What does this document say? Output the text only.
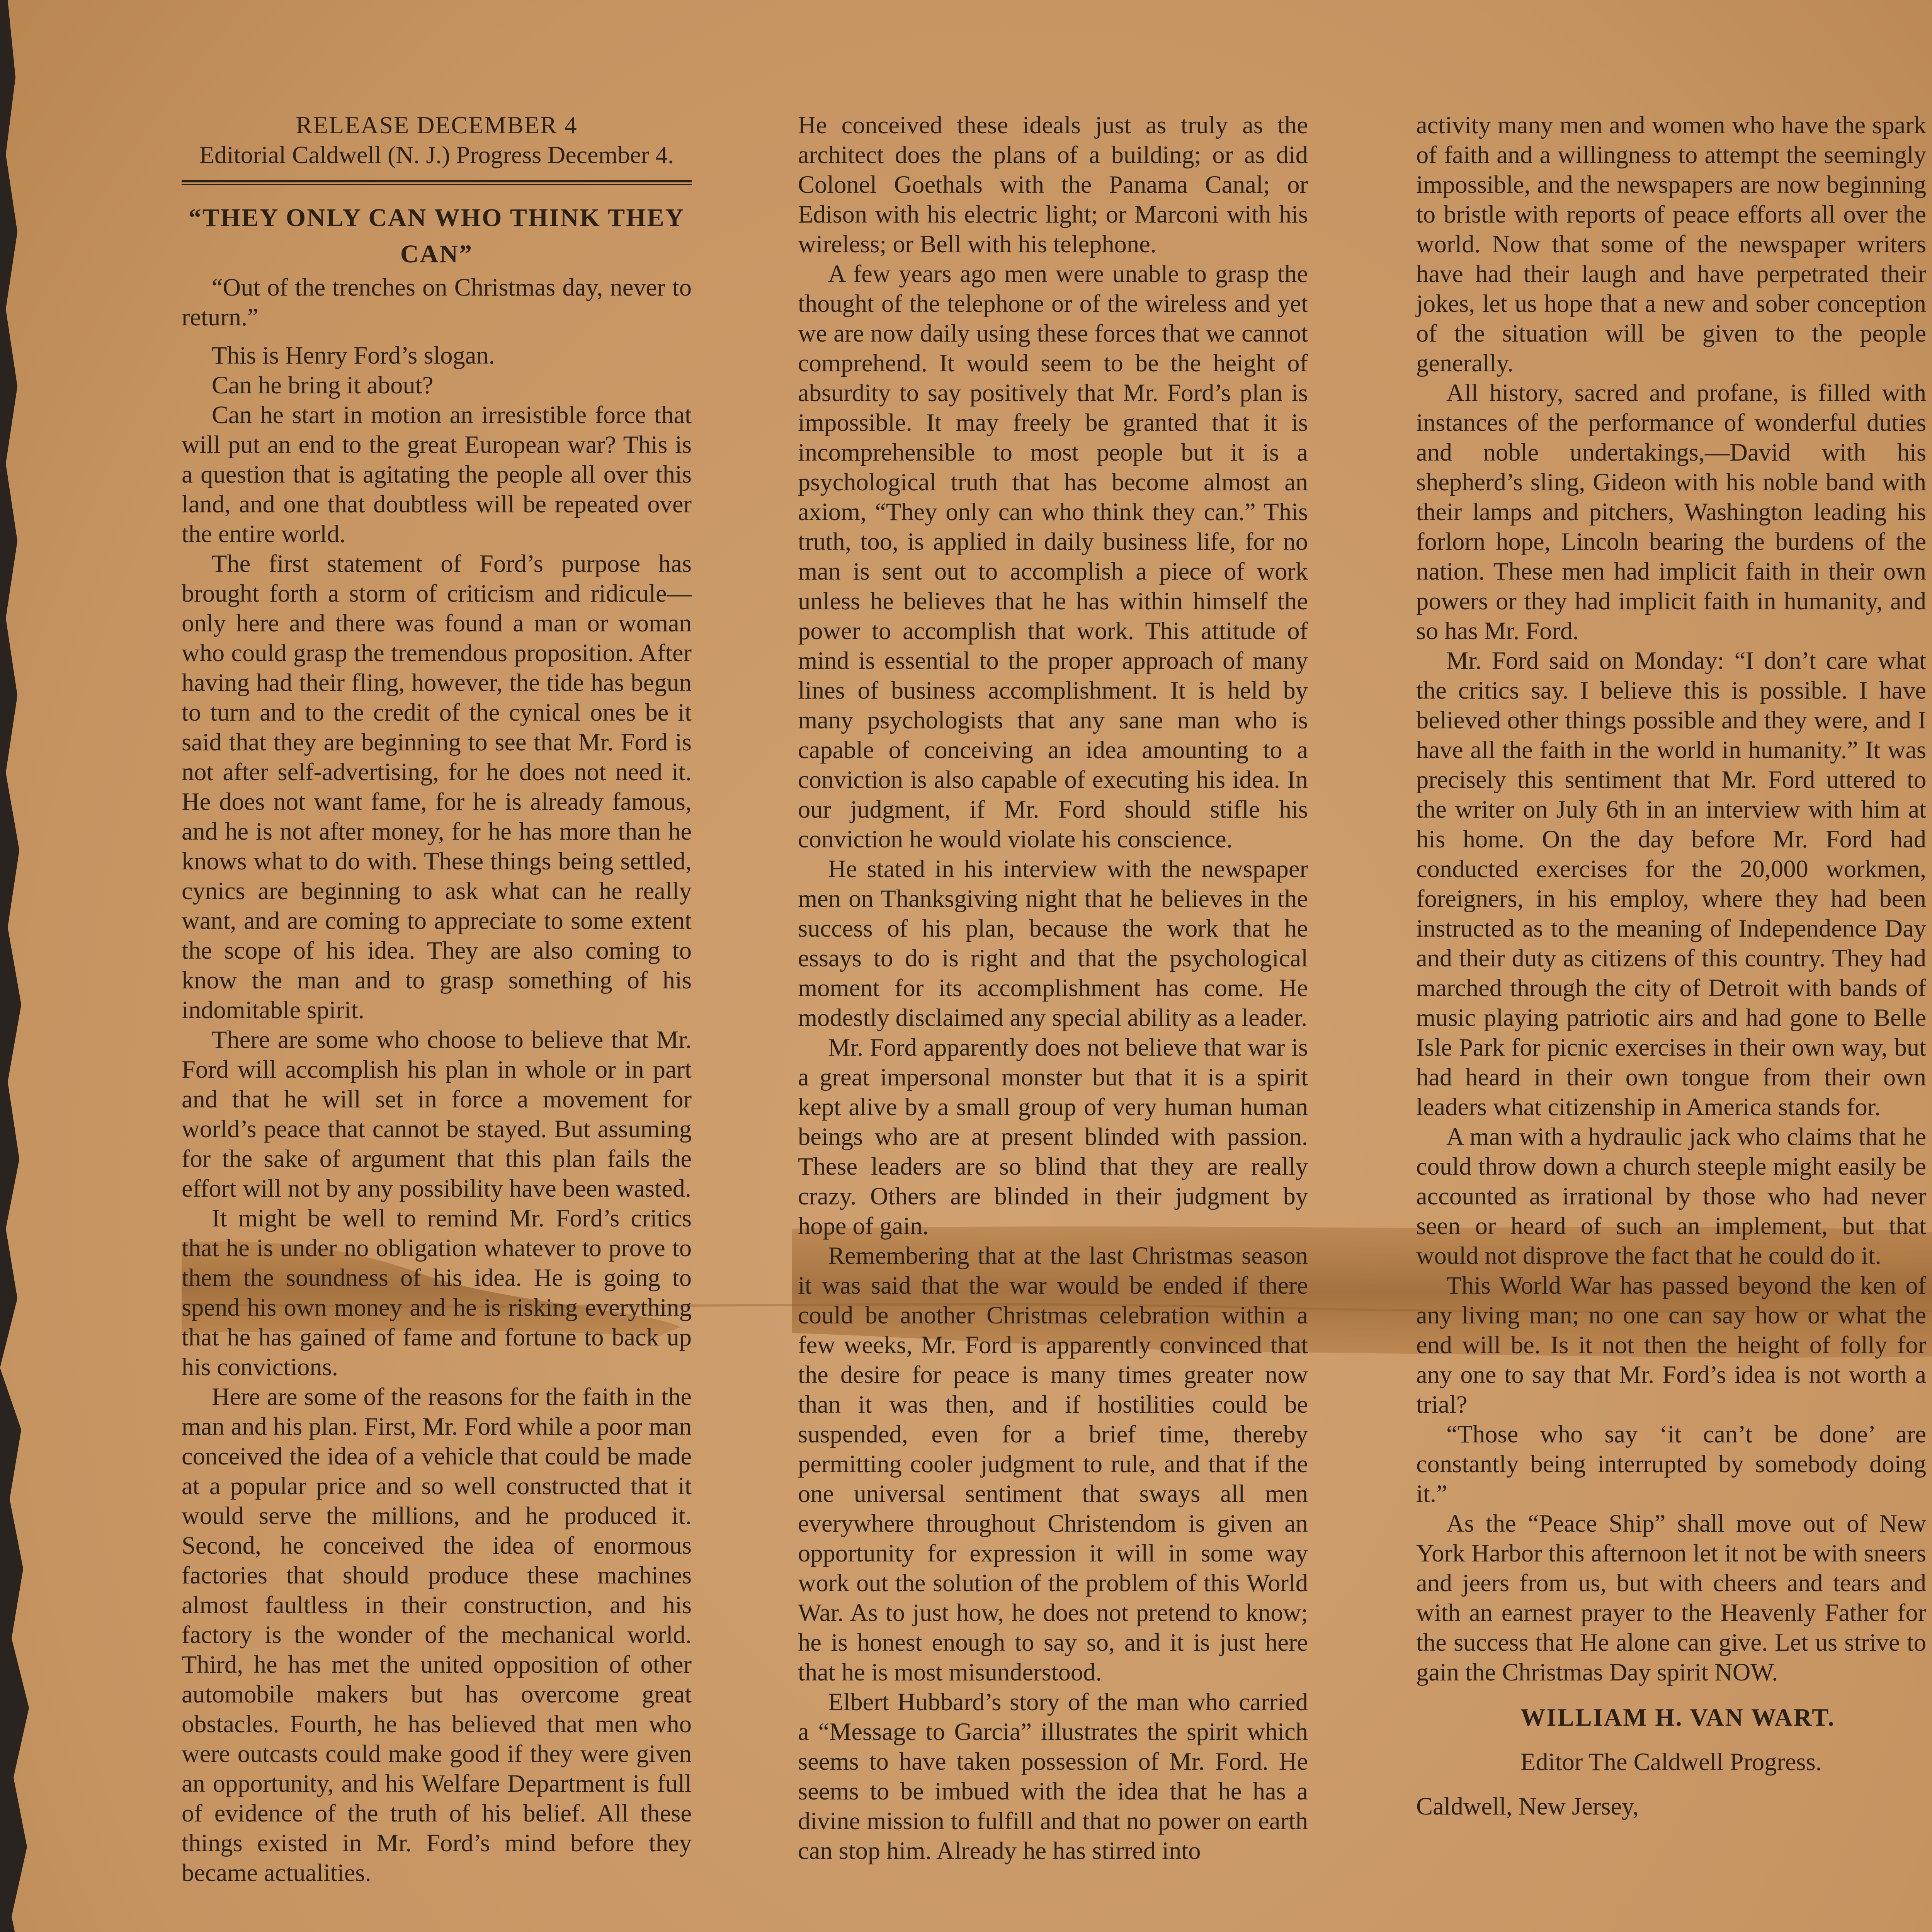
RELEASE DECEMBER 4

Editorial Caldwell (N. J.) Progress December 4.

“THEY ONLY CAN WHO THINK THEY CAN”

“Out of the trenches on Christmas day, never to return.”

This is Henry Ford’s slogan.

Can he bring it about?

Can he start in motion an irresistible force that will put an end to the great European war? This is a question that is agitating the people all over this land, and one that doubtless will be repeated over the entire world.

The first statement of Ford’s purpose has brought forth a storm of criticism and ridicule—only here and there was found a man or woman who could grasp the tremendous proposition. After having had their fling, however, the tide has begun to turn and to the credit of the cynical ones be it said that they are beginning to see that Mr. Ford is not after self-advertising, for he does not need it. He does not want fame, for he is already famous, and he is not after money, for he has more than he knows what to do with. These things being settled, cynics are beginning to ask what can he really want, and are coming to appreciate to some extent the scope of his idea. They are also coming to know the man and to grasp something of his indomitable spirit.

There are some who choose to believe that Mr. Ford will accomplish his plan in whole or in part and that he will set in force a movement for world’s peace that cannot be stayed. But assuming for the sake of argument that this plan fails the effort will not by any possibility have been wasted.

It might be well to remind Mr. Ford’s critics that he is under no obligation whatever to prove to them the soundness of his idea. He is going to spend his own money and he is risking everything that he has gained of fame and fortune to back up his convictions.

Here are some of the reasons for the faith in the man and his plan. First, Mr. Ford while a poor man conceived the idea of a vehicle that could be made at a popular price and so well constructed that it would serve the millions, and he produced it. Second, he conceived the idea of enormous factories that should produce these machines almost faultless in their construction, and his factory is the wonder of the mechanical world. Third, he has met the united opposition of other automobile makers but has overcome great obstacles. Fourth, he has believed that men who were outcasts could make good if they were given an opportunity, and his Welfare Department is full of evidence of the truth of his belief. All these things existed in Mr. Ford’s mind before they became actualities.

He conceived these ideals just as truly as the architect does the plans of a building; or as did Colonel Goethals with the Panama Canal; or Edison with his electric light; or Marconi with his wireless; or Bell with his telephone.

A few years ago men were unable to grasp the thought of the telephone or of the wireless and yet we are now daily using these forces that we cannot comprehend. It would seem to be the height of absurdity to say positively that Mr. Ford’s plan is impossible. It may freely be granted that it is incomprehensible to most people but it is a psychological truth that has become almost an axiom, “They only can who think they can.” This truth, too, is applied in daily business life, for no man is sent out to accomplish a piece of work unless he believes that he has within himself the power to accomplish that work. This attitude of mind is essential to the proper approach of many lines of business accomplishment. It is held by many psychologists that any sane man who is capable of conceiving an idea amounting to a conviction is also capable of executing his idea. In our judgment, if Mr. Ford should stifle his conviction he would violate his conscience.

He stated in his interview with the newspaper men on Thanksgiving night that he believes in the success of his plan, because the work that he essays to do is right and that the psychological moment for its accomplishment has come. He modestly disclaimed any special ability as a leader.

Mr. Ford apparently does not believe that war is a great impersonal monster but that it is a spirit kept alive by a small group of very human human beings who are at present blinded with passion. These leaders are so blind that they are really crazy. Others are blinded in their judgment by hope of gain.

Remembering that at the last Christmas season it was said that the war would be ended if there could be another Christmas celebration within a few weeks, Mr. Ford is apparently convinced that the desire for peace is many times greater now than it was then, and if hostilities could be suspended, even for a brief time, thereby permitting cooler judgment to rule, and that if the one universal sentiment that sways all men everywhere throughout Christendom is given an opportunity for expression it will in some way work out the solution of the problem of this World War. As to just how, he does not pretend to know; he is honest enough to say so, and it is just here that he is most misunderstood.

Elbert Hubbard’s story of the man who carried a “Message to Garcia” illustrates the spirit which seems to have taken possession of Mr. Ford. He seems to be imbued with the idea that he has a divine mission to fulfill and that no power on earth can stop him. Already he has stirred into

activity many men and women who have the spark of faith and a willingness to attempt the seemingly impossible, and the newspapers are now beginning to bristle with reports of peace efforts all over the world. Now that some of the newspaper writers have had their laugh and have perpetrated their jokes, let us hope that a new and sober conception of the situation will be given to the people generally.

All history, sacred and profane, is filled with instances of the performance of wonderful duties and noble undertakings,—David with his shepherd’s sling, Gideon with his noble band with their lamps and pitchers, Washington leading his forlorn hope, Lincoln bearing the burdens of the nation. These men had implicit faith in their own powers or they had implicit faith in humanity, and so has Mr. Ford.

Mr. Ford said on Monday: “I don’t care what the critics say. I believe this is possible. I have believed other things possible and they were, and I have all the faith in the world in humanity.” It was precisely this sentiment that Mr. Ford uttered to the writer on July 6th in an interview with him at his home. On the day before Mr. Ford had conducted exercises for the 20,000 workmen, foreigners, in his employ, where they had been instructed as to the meaning of Independence Day and their duty as citizens of this country. They had marched through the city of Detroit with bands of music playing patriotic airs and had gone to Belle Isle Park for picnic exercises in their own way, but had heard in their own tongue from their own leaders what citizenship in America stands for.

A man with a hydraulic jack who claims that he could throw down a church steeple might easily be accounted as irrational by those who had never seen or heard of such an implement, but that would not disprove the fact that he could do it.

This World War has passed beyond the ken of any living man; no one can say how or what the end will be. Is it not then the height of folly for any one to say that Mr. Ford’s idea is not worth a trial?

“Those who say ‘it can’t be done’ are constantly being interrupted by somebody doing it.”

As the “Peace Ship” shall move out of New York Harbor this afternoon let it not be with sneers and jeers from us, but with cheers and tears and with an earnest prayer to the Heavenly Father for the success that He alone can give. Let us strive to gain the Christmas Day spirit NOW.

WILLIAM H. VAN WART.
Editor The Caldwell Progress.
Caldwell, New Jersey,
